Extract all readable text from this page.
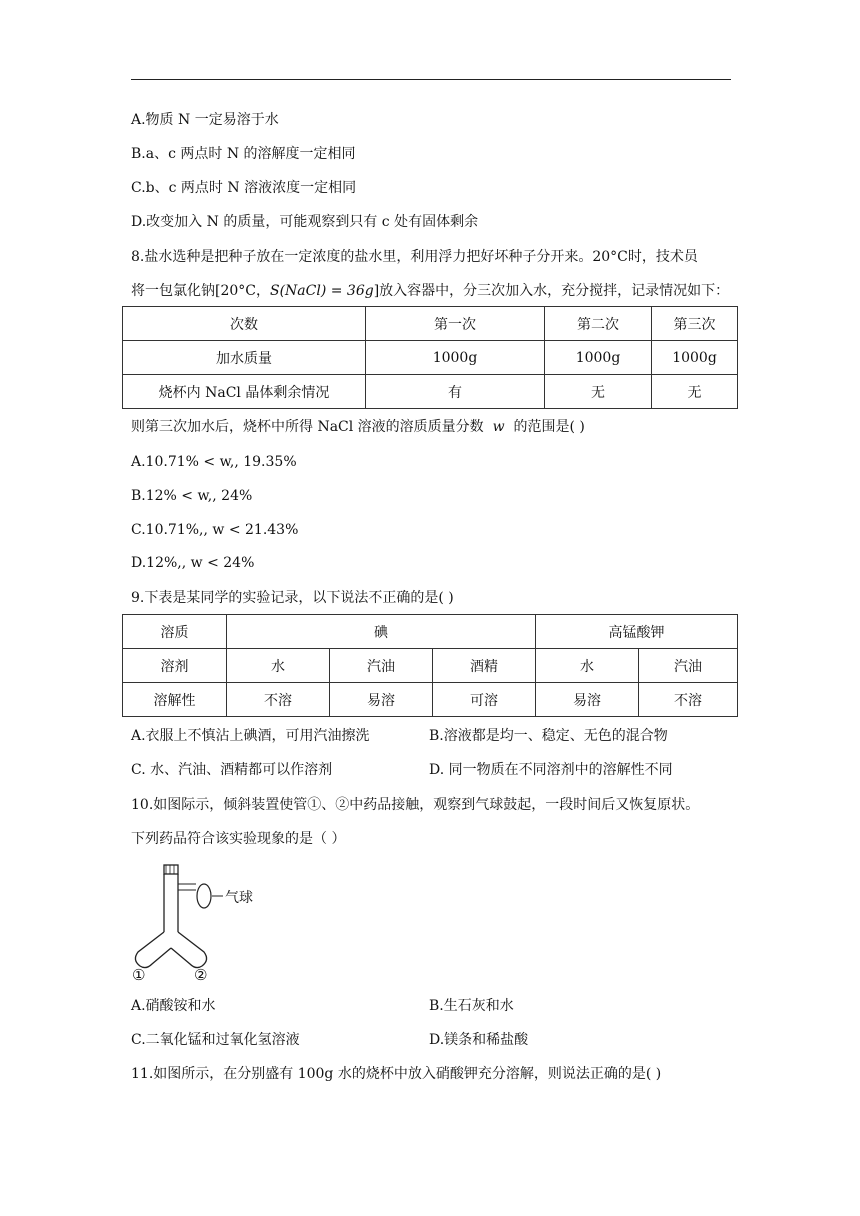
A.物质 N 一定易溶于水
B.a、c 两点时 N 的溶解度一定相同
C.b、c 两点时 N 溶液浓度一定相同
D.改变加入 N 的质量，可能观察到只有 c 处有固体剩余
8.盐水选种是把种子放在一定浓度的盐水里，利用浮力把好坏种子分开来。20°C时，技术员
将一包氯化钠[20°C，S(NaCl) = 36g]放入容器中，分三次加入水，充分搅拌，记录情况如下：
次数	第一次	第二次	第三次
加水质量	1000g	1000g	1000g
烧杯内 NaCl 晶体剩余情况	有	无	无
则第三次加水后，烧杯中所得 NaCl 溶液的溶质质量分数 w 的范围是( )
A.10.71% < w,, 19.35%
B.12% < w,, 24%
C.10.71%,, w < 21.43%
D.12%,, w < 24%
9.下表是某同学的实验记录，以下说法不正确的是( )
溶质	碘			高锰酸钾	
溶剂	水	汽油	酒精	水	汽油
溶解性	不溶	易溶	可溶	易溶	不溶
A.衣服上不慎沾上碘酒，可用汽油擦洗	B.溶液都是均一、稳定、无色的混合物
C. 水、汽油、酒精都可以作溶剂	D. 同一物质在不同溶剂中的溶解性不同
10.如图际示，倾斜装置使管①、②中药品接触，观察到气球鼓起，一段时间后又恢复原状。
下列药品符合该实验现象的是（ ）
气球
①	②
A.硝酸铵和水	B.生石灰和水
C.二氧化锰和过氧化氢溶液	D.镁条和稀盐酸
11.如图所示，在分别盛有 100g 水的烧杯中放入硝酸钾充分溶解，则说法正确的是( )
